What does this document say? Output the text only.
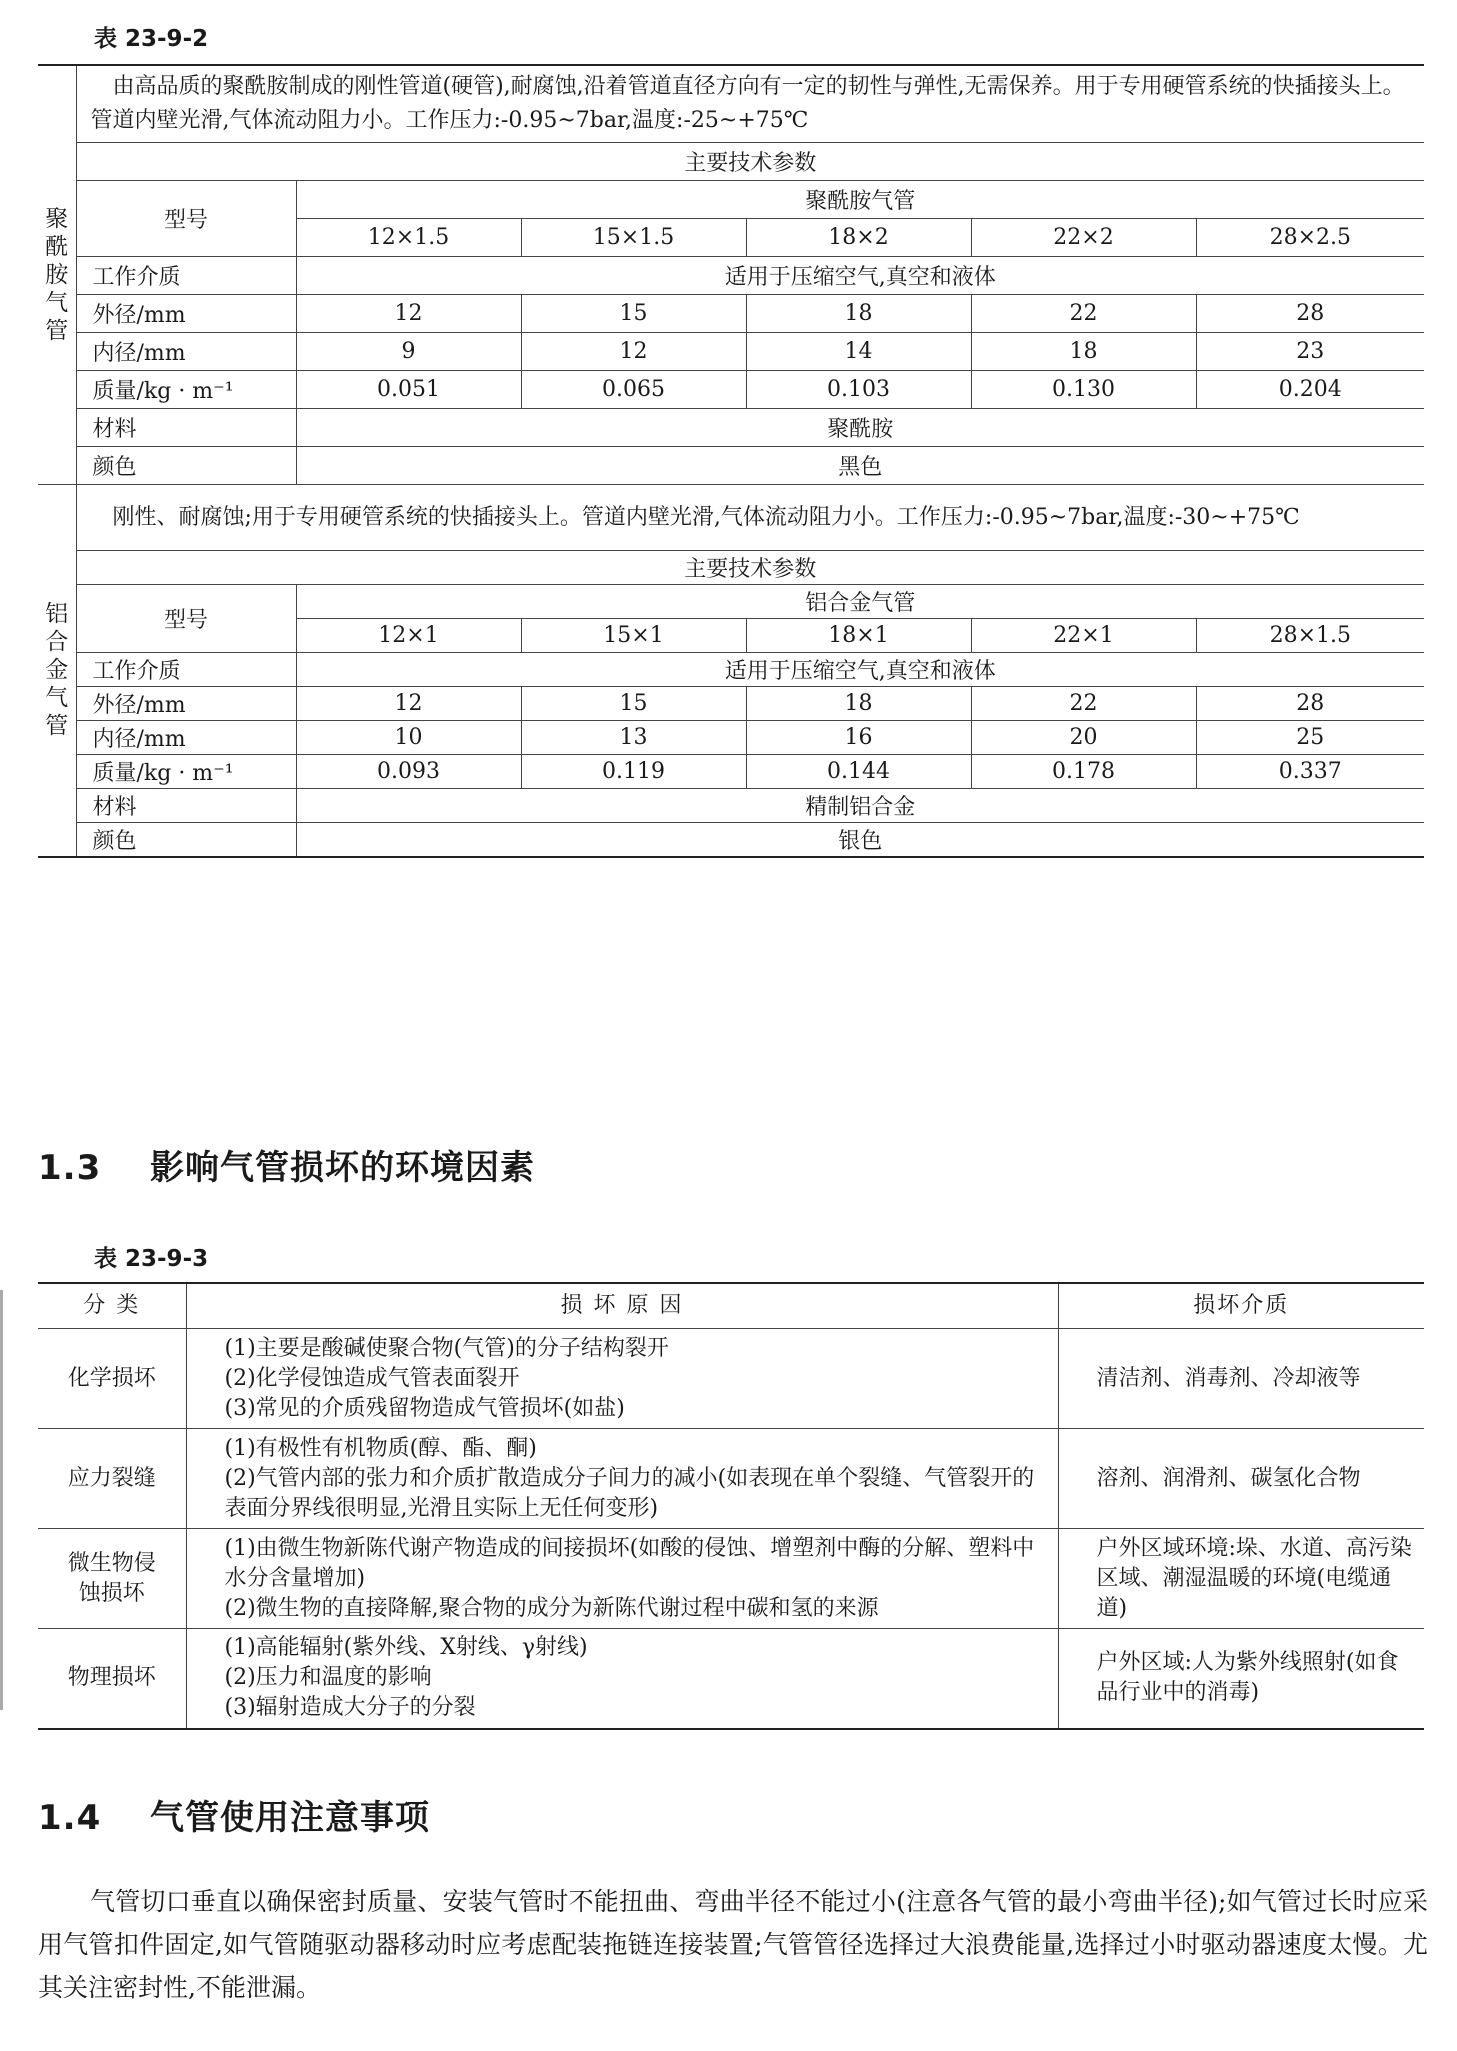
表 23-9-2
聚
酰
胺
气
管	由高品质的聚酰胺制成的刚性管道(硬管),耐腐蚀,沿着管道直径方向有一定的韧性与弹性,无需保养。用于专用硬管系统的快插接头上。管道内壁光滑,气体流动阻力小。工作压力:-0.95~7bar,温度:-25~+75℃					
	主要技术参数					
	型号	聚酰胺气管				
		12×1.5	15×1.5	18×2	22×2	28×2.5
	工作介质	适用于压缩空气,真空和液体				
	外径/mm	12	15	18	22	28
	内径/mm	9	12	14	18	23
	质量/kg · m⁻¹	0.051	0.065	0.103	0.130	0.204
	材料	聚酰胺				
	颜色	黑色				

铝
合
金
气
管	刚性、耐腐蚀;用于专用硬管系统的快插接头上。管道内壁光滑,气体流动阻力小。工作压力:-0.95~7bar,温度:-30~+75℃					
	主要技术参数					
	型号	铝合金气管				
		12×1	15×1	18×1	22×1	28×1.5
	工作介质	适用于压缩空气,真空和液体				
	外径/mm	12	15	18	22	28
	内径/mm	10	13	16	20	25
	质量/kg · m⁻¹	0.093	0.119	0.144	0.178	0.337
	材料	精制铝合金				
	颜色	银色				
1.3 影响气管损坏的环境因素
表 23-9-3
分 类	损 坏 原 因	损坏介质
化学损坏	(1)主要是酸碱使聚合物(气管)的分子结构裂开
(2)化学侵蚀造成气管表面裂开
(3)常见的介质残留物造成气管损坏(如盐)	清洁剂、消毒剂、冷却液等
应力裂缝	(1)有极性有机物质(醇、酯、酮)
(2)气管内部的张力和介质扩散造成分子间力的减小(如表现在单个裂缝、气管裂开的表面分界线很明显,光滑且实际上无任何变形)	溶剂、润滑剂、碳氢化合物
微生物侵蚀损坏	(1)由微生物新陈代谢产物造成的间接损坏(如酸的侵蚀、增塑剂中酶的分解、塑料中水分含量增加)
(2)微生物的直接降解,聚合物的成分为新陈代谢过程中碳和氢的来源	户外区域环境:垛、水道、高污染区域、潮湿温暖的环境(电缆通道)
物理损坏	(1)高能辐射(紫外线、X射线、γ射线)
(2)压力和温度的影响
(3)辐射造成大分子的分裂	户外区域:人为紫外线照射(如食品行业中的消毒)
1.4 气管使用注意事项
气管切口垂直以确保密封质量、安装气管时不能扭曲、弯曲半径不能过小(注意各气管的最小弯曲半径);如气管过长时应采用气管扣件固定,如气管随驱动器移动时应考虑配装拖链连接装置;气管管径选择过大浪费能量,选择过小时驱动器速度太慢。尤其关注密封性,不能泄漏。
